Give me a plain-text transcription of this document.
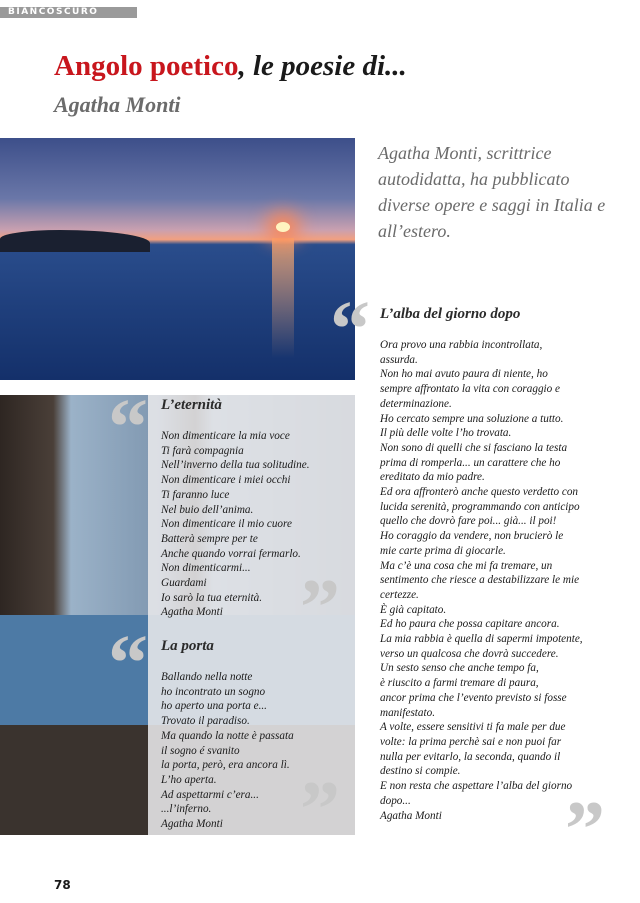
BIANCOSCURO
Angolo poetico, le poesie di...
Agatha Monti
Agatha Monti, scrittrice autodidatta, ha pubblicato diverse opere e saggi in Italia e all’estero.
“
”
“
”
“
”
L’eternità
Non dimenticare la mia voce
Ti farà compagnia
Nell’inverno della tua solitudine.
Non dimenticare i miei occhi
Ti faranno luce
Nel buio dell’anima.
Non dimenticare il mio cuore
Batterà sempre per te
Anche quando vorrai fermarlo.
Non dimenticarmi...
Guardami
Io sarò la tua eternità.
Agatha Monti
La porta
Ballando nella notte
ho incontrato un sogno
ho aperto una porta e...
Trovato il paradiso.
Ma quando la notte è passata
il sogno é svanito
la porta, però, era ancora lì.
L’ho aperta.
Ad aspettarmi c’era...
...l’inferno.
Agatha Monti
L’alba del giorno dopo
Ora provo una rabbia incontrollata,
assurda.
Non ho mai avuto paura di niente, ho
sempre affrontato la vita con coraggio e
determinazione.
Ho cercato sempre una soluzione a tutto.
Il più delle volte l’ho trovata.
Non sono di quelli che si fasciano la testa
prima di romperla... un carattere che ho
ereditato da mio padre.
Ed ora affronterò anche questo verdetto con
lucida serenità, programmando con anticipo
quello che dovrò fare poi... già... il poi!
Ho coraggio da vendere, non brucierò le
mie carte prima di giocarle.
Ma c’è una cosa che mi fa tremare, un
sentimento che riesce a destabilizzare le mie
certezze.
È già capitato.
Ed ho paura che possa capitare ancora.
La mia rabbia è quella di sapermi impotente,
verso un qualcosa che dovrà succedere.
Un sesto senso che anche tempo fa,
è riuscito a farmi tremare di paura,
ancor prima che l’evento previsto si fosse
manifestato.
A volte, essere sensitivi ti fa male per due
volte: la prima perchè sai e non puoi far
nulla per evitarlo, la seconda, quando il
destino si compie.
E non resta che aspettare l’alba del giorno
dopo...
Agatha Monti
78
